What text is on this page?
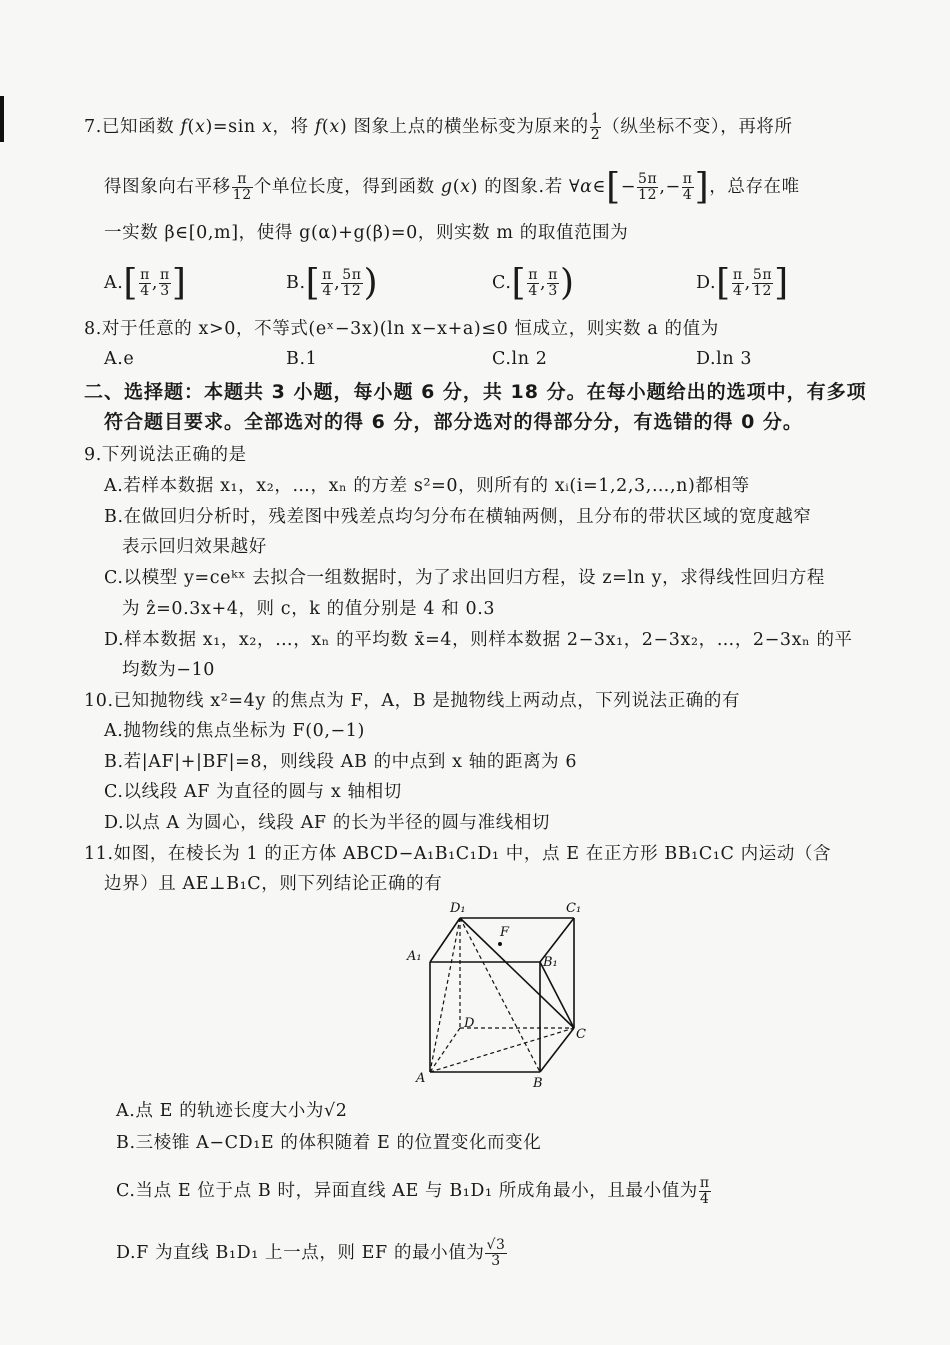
7.已知函数 f(x)=sin x，将 f(x) 图象上点的横坐标变为原来的 $\frac{1}{2}$ （纵坐标不变），再将所
得图象向右平移 $\frac{\pi}{12}$ 个单位长度，得到函数 g(x) 的图象.若 ∀α∈[− $\frac{5\pi}{12}$ ,− $\frac{\pi}{4}$ ]，总存在唯
一实数 β∈[0,m]，使得 g(α)+g(β)=0，则实数 m 的取值范围为
$A.[ \frac{\pi}{4}$ , $\frac{\pi}{3}$ ]	$B.[ \frac{\pi}{4}$ , $\frac{5\pi}{12}$ )	$C.[ \frac{\pi}{4}$ , $\frac{\pi}{3}$ )	$D.[ \frac{\pi}{4}$ , $\frac{5\pi}{12}$ ]
8.对于任意的 x>0，不等式(eˣ−3x)(ln x−x+a)≤0 恒成立，则实数 a 的值为
A.e	B.1	C.ln 2	D.ln 3
二、选择题：本题共 3 小题，每小题 6 分，共 18 分。在每小题给出的选项中，有多项
符合题目要求。全部选对的得 6 分，部分选对的得部分分，有选错的得 0 分。
9.下列说法正确的是
A.若样本数据 x₁，x₂，…，xₙ 的方差 s²=0，则所有的 xᵢ(i=1,2,3,…,n)都相等
B.在做回归分析时，残差图中残差点均匀分布在横轴两侧，且分布的带状区域的宽度越窄
表示回归效果越好
C.以模型 y=ceᵏˣ 去拟合一组数据时，为了求出回归方程，设 z=ln y，求得线性回归方程
为 ẑ=0.3x+4，则 c，k 的值分别是 4 和 0.3
D.样本数据 x₁，x₂，…，xₙ 的平均数 x̄=4，则样本数据 2−3x₁，2−3x₂，…，2−3xₙ 的平
均数为−10
10.已知抛物线 x²=4y 的焦点为 F，A，B 是抛物线上两动点，下列说法正确的有
A.抛物线的焦点坐标为 F(0,−1)
B.若|AF|+|BF|=8，则线段 AB 的中点到 x 轴的距离为 6
C.以线段 AF 为直径的圆与 x 轴相切
D.以点 A 为圆心，线段 AF 的长为半径的圆与准线相切
11.如图，在棱长为 1 的正方体 ABCD−A₁B₁C₁D₁ 中，点 E 在正方形 BB₁C₁C 内运动（含
边界）且 AE⊥B₁C，则下列结论正确的有
D₁	C₁
A₁	B₁
F
D
C
A	B
A.点 E 的轨迹长度大小为√2
B.三棱锥 A−CD₁E 的体积随着 E 的位置变化而变化
C.当点 E 位于点 B 时，异面直线 AE 与 B₁D₁ 所成角最小，且最小值为 $\frac{\pi}{4}$
D.F 为直线 B₁D₁ 上一点，则 EF 的最小值为 $\frac{√3}{3}$
